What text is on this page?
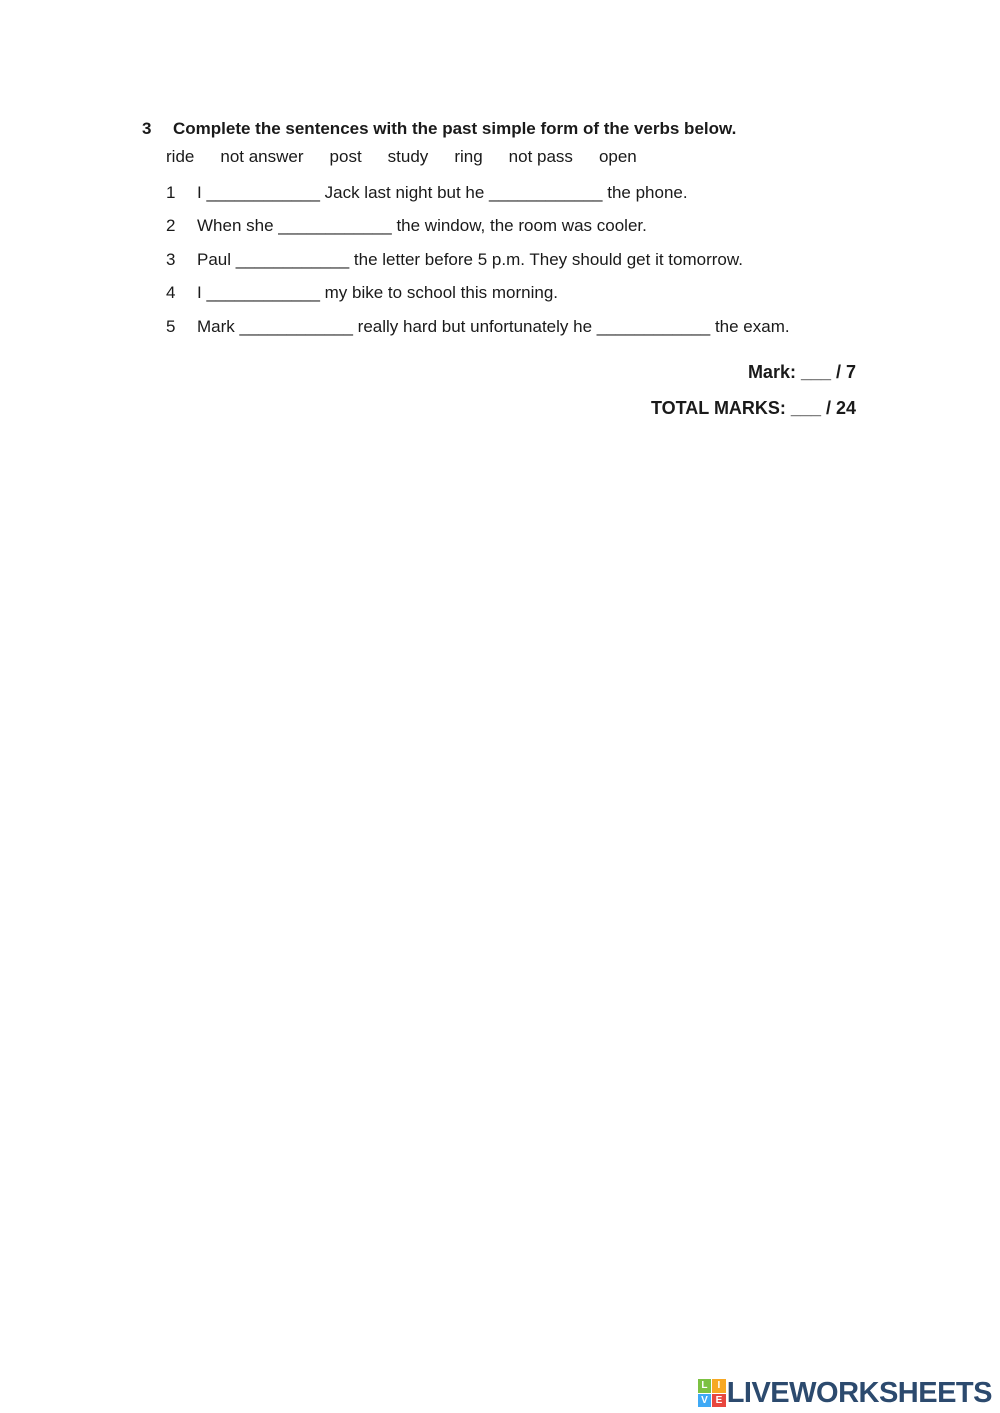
3 Complete the sentences with the past simple form of the verbs below.
ride not answer post study ring not pass open
1 I ____________ Jack last night but he ____________ the phone.
2 When she ____________ the window, the room was cooler.
3 Paul ____________ the letter before 5 p.m. They should get it tomorrow.
4 I ____________ my bike to school this morning.
5 Mark ____________ really hard but unfortunately he ____________ the exam.
Mark: ___ / 7
TOTAL MARKS: ___ / 24
L	I
V E LIVEWORKSHEETS
